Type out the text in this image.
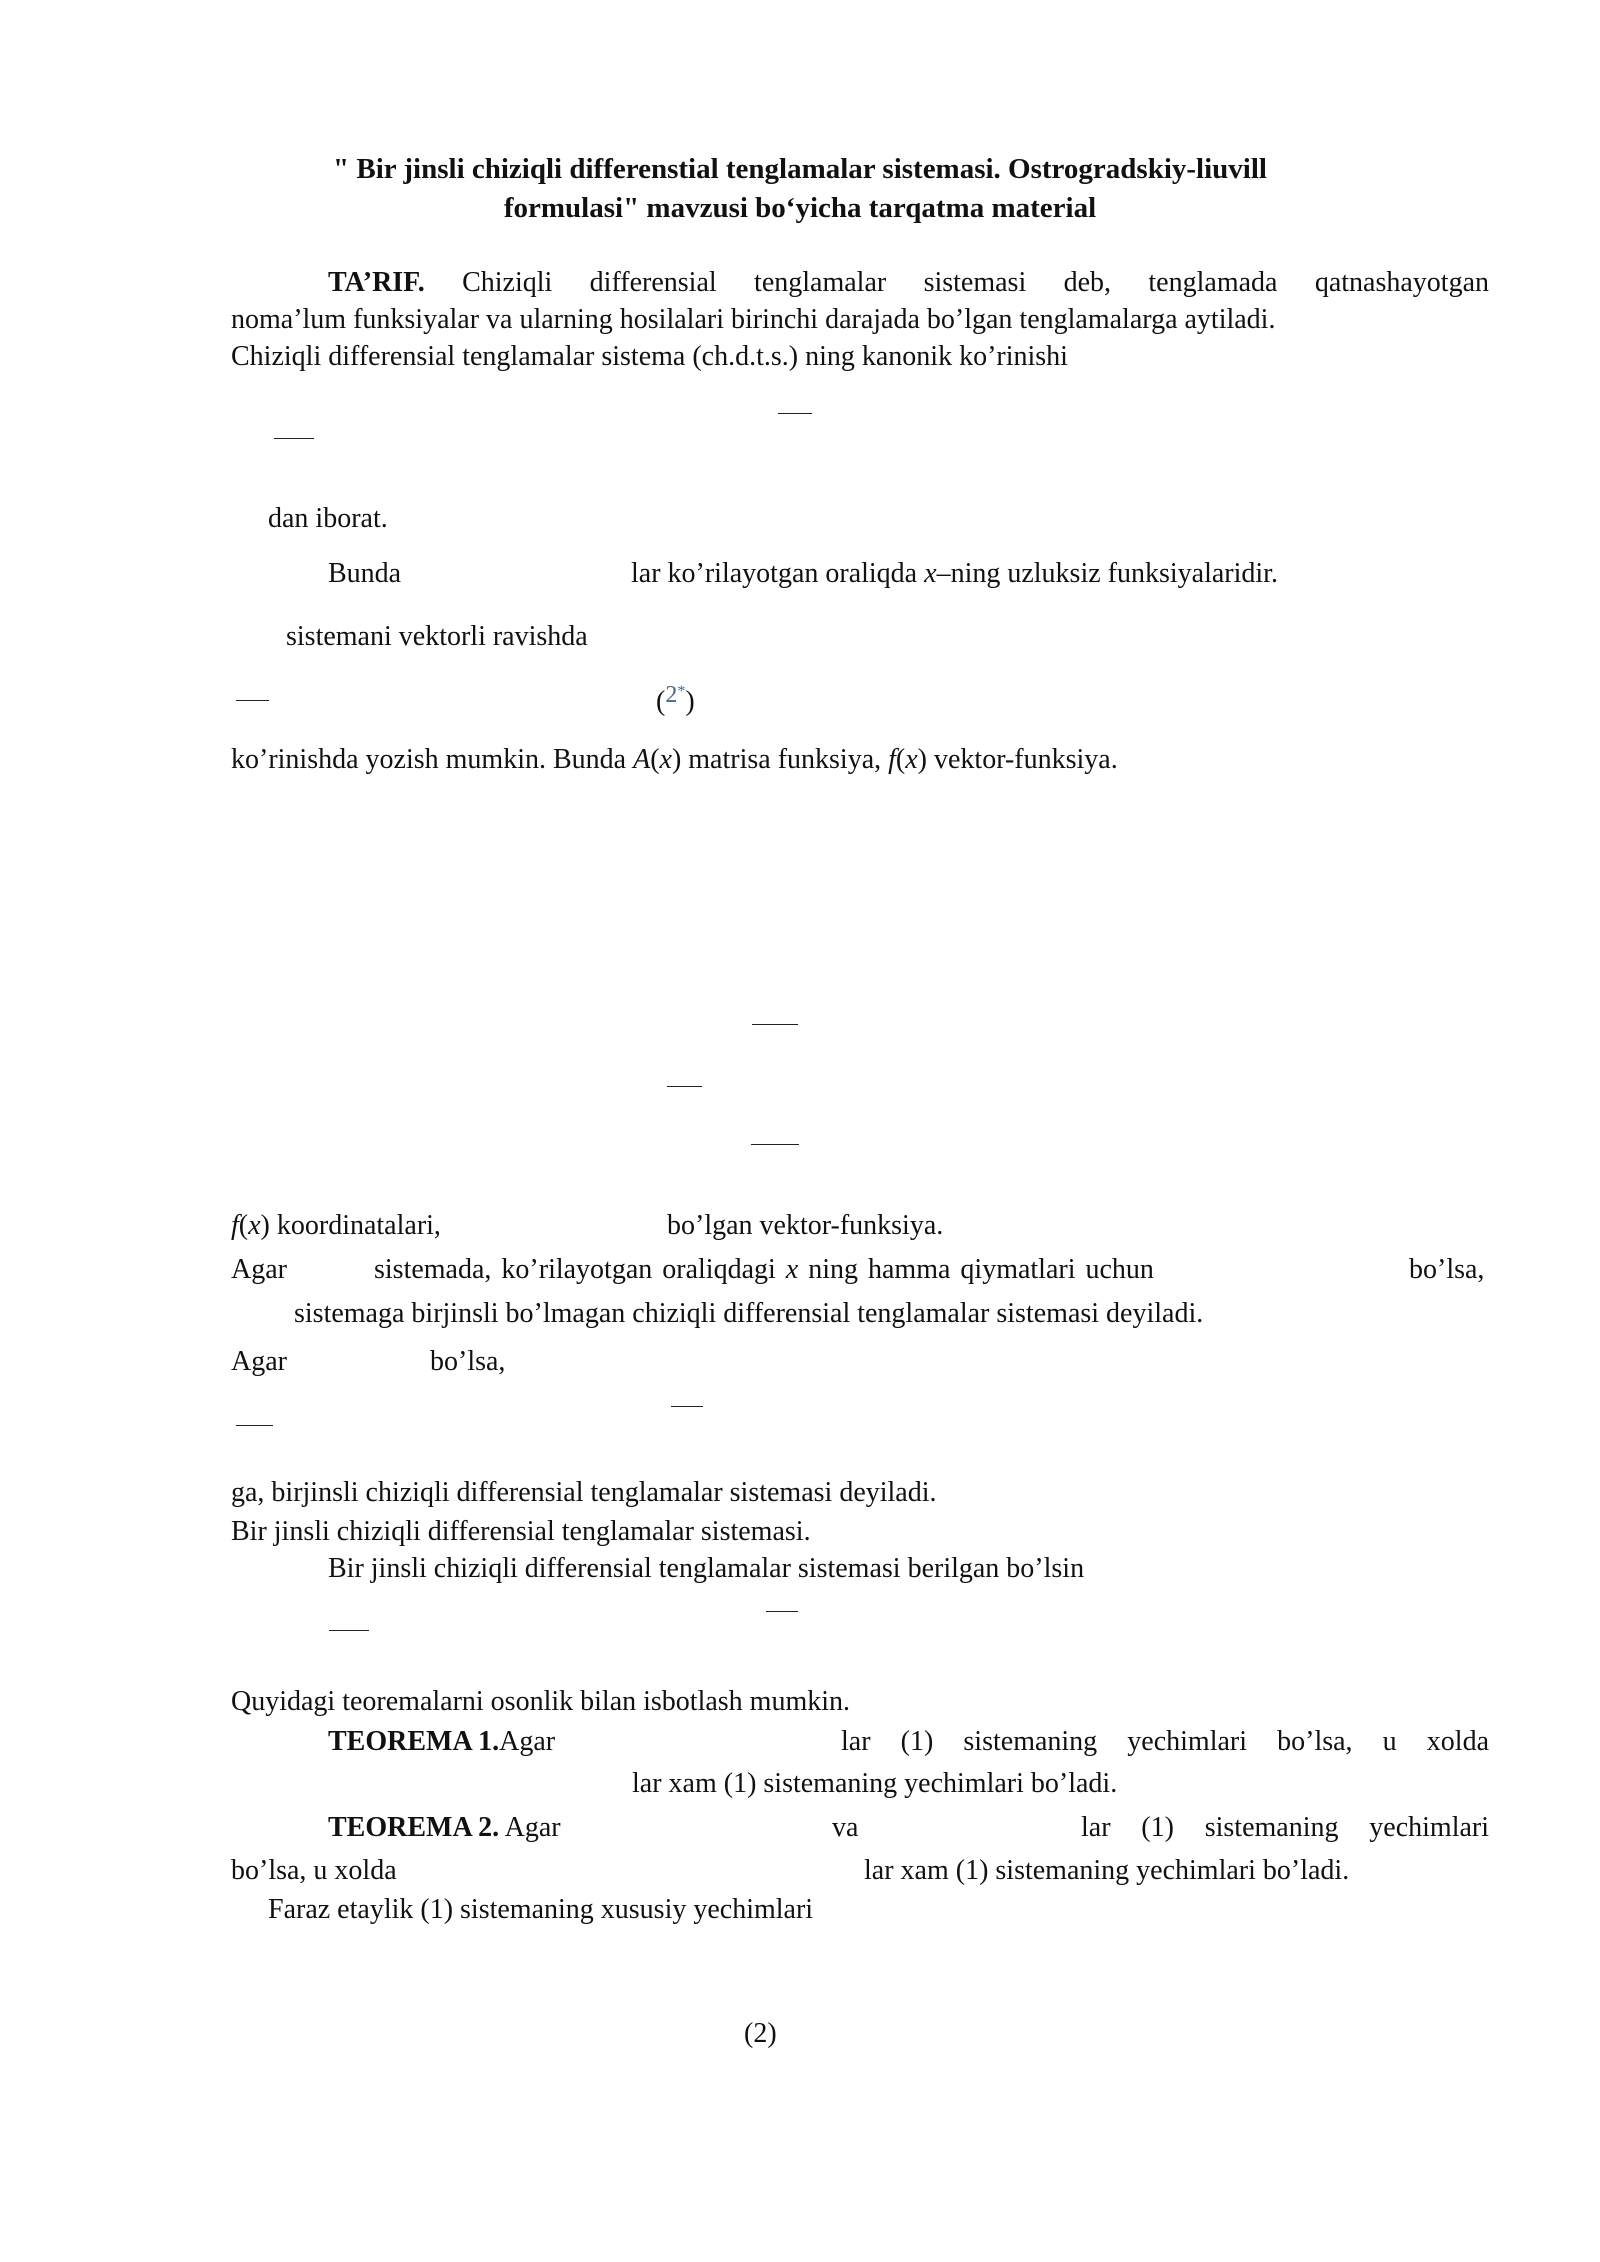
" Bir jinsli chiziqli differenstial tenglamalar sistemasi. Ostrogradskiy-liuvill
formulasi" mavzusi bo‘yicha tarqatma material
TA’RIF. Chiziqli differensial tenglamalar sistemasi deb, tenglamada qatnashayotgan
noma’lum funksiyalar va ularning hosilalari birinchi darajada bo’lgan tenglamalarga aytiladi.
Chiziqli differensial tenglamalar sistema (ch.d.t.s.) ning kanonik ko’rinishi
dan iborat.
Bunda	lar ko’rilayotgan oraliqda x–ning uzluksiz funksiyalaridir.
sistemani vektorli ravishda
(2*)
ko’rinishda yozish mumkin. Bunda A(x) matrisa funksiya, f(x) vektor-funksiya.
f(x) koordinatalari,	bo’lgan vektor-funksiya.
Agar	sistemada, ko’rilayotgan oraliqdagi x ning hamma qiymatlari uchun	bo’lsa,
sistemaga birjinsli bo’lmagan chiziqli differensial tenglamalar sistemasi deyiladi.
Agar	bo’lsa,
ga, birjinsli chiziqli differensial tenglamalar sistemasi deyiladi.
Bir jinsli chiziqli differensial tenglamalar sistemasi.
Bir jinsli chiziqli differensial tenglamalar sistemasi berilgan bo’lsin
Quyidagi teoremalarni osonlik bilan isbotlash mumkin.
TEOREMA 1.Agar	lar (1) sistemaning yechimlari bo’lsa, u xolda
lar xam (1) sistemaning yechimlari bo’ladi.
TEOREMA 2. Agar	va	lar (1) sistemaning yechimlari
bo’lsa, u xolda	lar xam (1) sistemaning yechimlari bo’ladi.
Faraz etaylik (1) sistemaning xususiy yechimlari
(2)
